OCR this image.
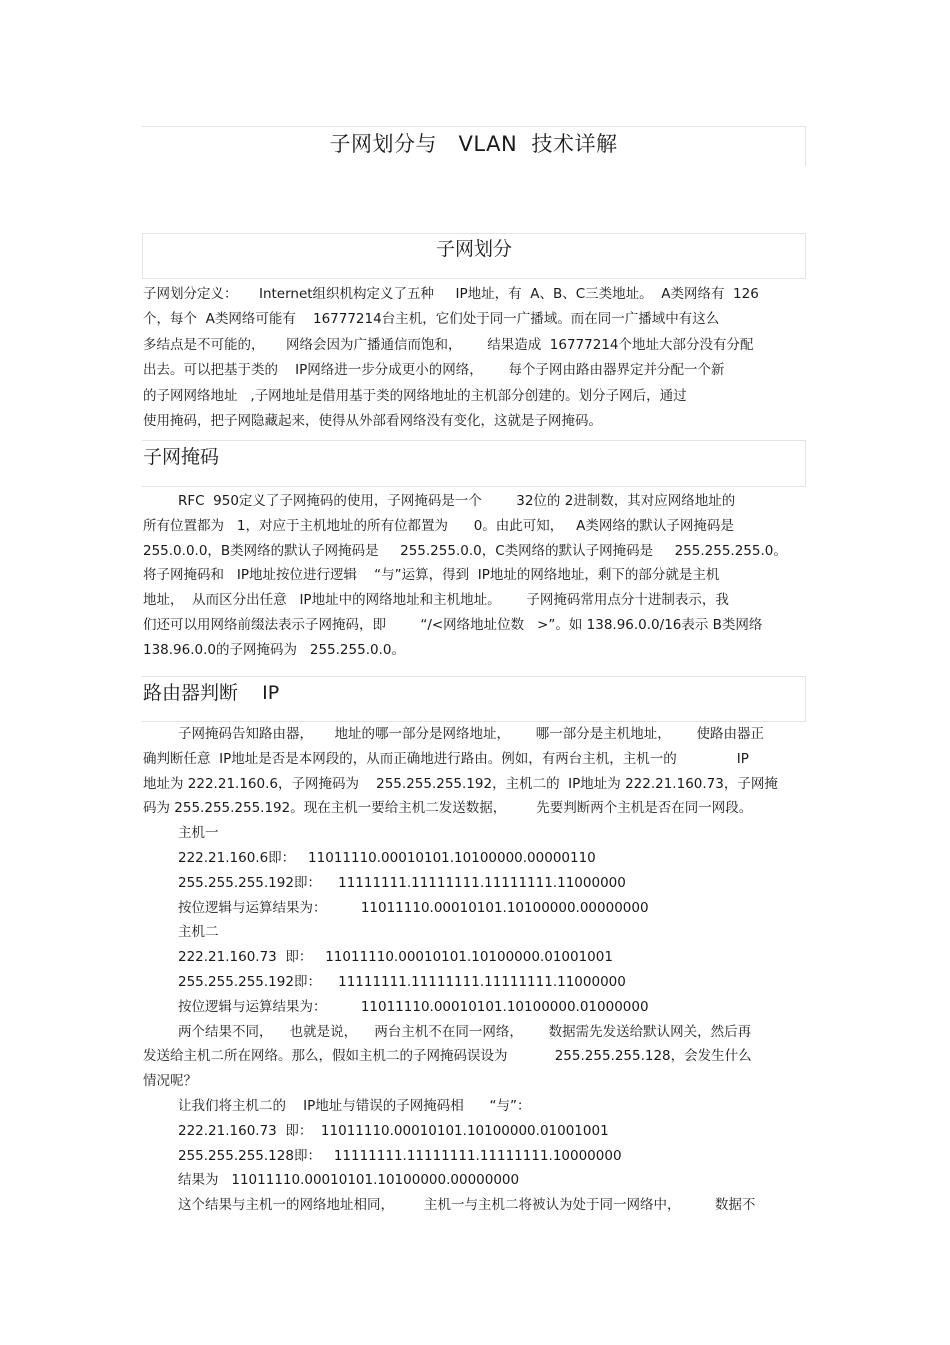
子网划分与   VLAN  技术详解
子网划分
子网划分定义：     Internet组织机构定义了五种     IP地址，有  A、B、C三类地址。  A类网络有  126
个，每个  A类网络可能有    16777214台主机，它们处于同一广播域。而在同一广播域中有这么
多结点是不可能的，     网络会因为广播通信而饱和，      结果造成  16777214个地址大部分没有分配
出去。可以把基于类的    IP网络进一步分成更小的网络，      每个子网由路由器界定并分配一个新
的子网网络地址   ,子网地址是借用基于类的网络地址的主机部分创建的。划分子网后，通过
使用掩码，把子网隐藏起来，使得从外部看网络没有变化，这就是子网掩码。
子网掩码
RFC  950定义了子网掩码的使用，子网掩码是一个        32位的 2进制数，其对应网络地址的
所有位置都为   1，对应于主机地址的所有位都置为      0。由此可知，   A类网络的默认子网掩码是
255.0.0.0，B类网络的默认子网掩码是     255.255.0.0，C类网络的默认子网掩码是     255.255.255.0。
将子网掩码和   IP地址按位进行逻辑    “与”运算，得到  IP地址的网络地址，剩下的部分就是主机
地址，  从而区分出任意   IP地址中的网络地址和主机地址。      子网掩码常用点分十进制表示，我
们还可以用网络前缀法表示子网掩码，即        “/<网络地址位数   >”。如 138.96.0.0/16表示 B类网络
138.96.0.0的子网掩码为   255.255.0.0。
路由器判断    IP
子网掩码告知路由器，     地址的哪一部分是网络地址，      哪一部分是主机地址，      使路由器正
确判断任意  IP地址是否是本网段的，从而正确地进行路由。例如，有两台主机，主机一的              IP
地址为 222.21.160.6，子网掩码为    255.255.255.192，主机二的  IP地址为 222.21.160.73，子网掩
码为 255.255.255.192。现在主机一要给主机二发送数据，       先要判断两个主机是否在同一网段。
主机一
222.21.160.6即：   11011110.00010101.10100000.00000110
255.255.255.192即：    11111111.11111111.11111111.11000000
按位逻辑与运算结果为：        11011110.00010101.10100000.00000000
主机二
222.21.160.73  即：   11011110.00010101.10100000.01001001
255.255.255.192即：    11111111.11111111.11111111.11000000
按位逻辑与运算结果为：        11011110.00010101.10100000.01000000
两个结果不同，    也就是说，    两台主机不在同一网络，      数据需先发送给默认网关，然后再
发送给主机二所在网络。那么，假如主机二的子网掩码误设为           255.255.255.128，会发生什么
情况呢？
让我们将主机二的    IP地址与错误的子网掩码相      “与”：
222.21.160.73  即：  11011110.00010101.10100000.01001001
255.255.255.128即：   11111111.11111111.11111111.10000000
结果为   11011110.00010101.10100000.00000000
这个结果与主机一的网络地址相同，       主机一与主机二将被认为处于同一网络中，        数据不
